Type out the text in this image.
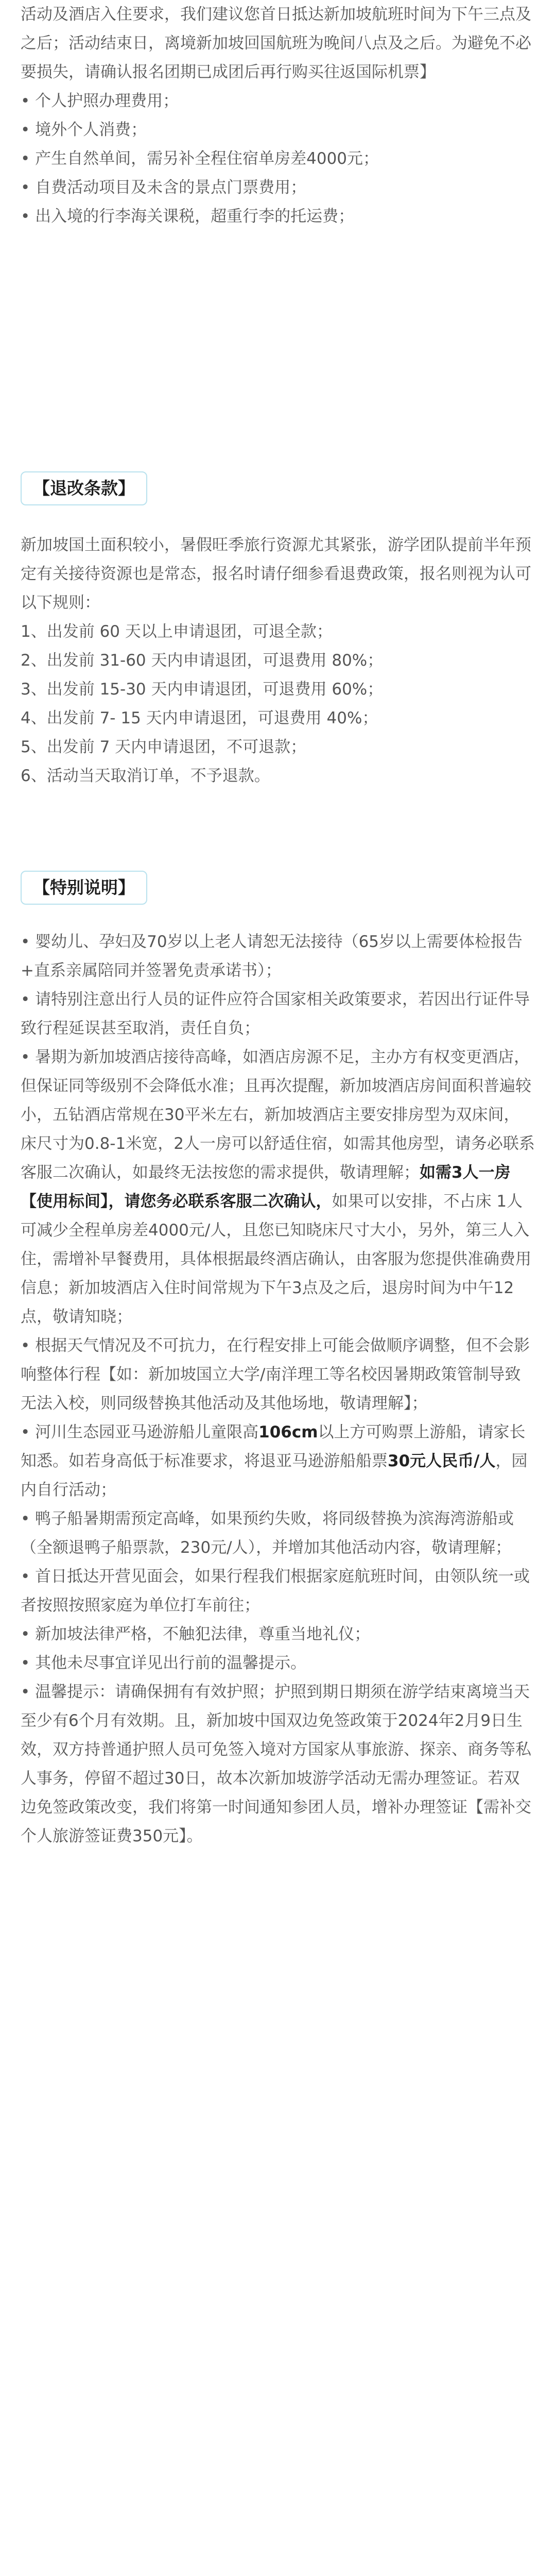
活动及酒店入住要求，我们建议您首日抵达新加坡航班时间为下午三点及之后；活动结束日，离境新加坡回国航班为晚间八点及之后。为避免不必要损失，请确认报名团期已成团后再行购买往返国际机票】

• 个人护照办理费用；

• 境外个人消费；

• 产生自然单间，需另补全程住宿单房差4000元；

• 自费活动项目及未含的景点门票费用；

• 出入境的行李海关课税，超重行李的托运费；

【退改条款】

新加坡国土面积较小，暑假旺季旅行资源尤其紧张，游学团队提前半年预定有关接待资源也是常态，报名时请仔细参看退费政策，报名则视为认可以下规则：

1、出发前 60 天以上申请退团，可退全款；

2、出发前 31-60 天内申请退团，可退费用 80%；

3、出发前 15-30 天内申请退团，可退费用 60%；

4、出发前 7- 15 天内申请退团，可退费用 40%；

5、出发前 7 天内申请退团，不可退款；

6、活动当天取消订单，不予退款。

【特别说明】

• 婴幼儿、孕妇及70岁以上老人请恕无法接待（65岁以上需要体检报告+直系亲属陪同并签署免责承诺书）；

• 请特别注意出行人员的证件应符合国家相关政策要求，若因出行证件导致行程延误甚至取消，责任自负；

• 暑期为新加坡酒店接待高峰，如酒店房源不足，主办方有权变更酒店，但保证同等级别不会降低水准；且再次提醒，新加坡酒店房间面积普遍较小，五钻酒店常规在30平米左右，新加坡酒店主要安排房型为双床间，床尺寸为0.8-1米宽，2人一房可以舒适住宿，如需其他房型，请务必联系客服二次确认，如最终无法按您的需求提供，敬请理解；如需3人一房【使用标间】，请您务必联系客服二次确认，如果可以安排，不占床 1人可减少全程单房差4000元/人，且您已知晓床尺寸大小，另外，第三人入住，需增补早餐费用，具体根据最终酒店确认，由客服为您提供准确费用信息；新加坡酒店入住时间常规为下午3点及之后，退房时间为中午12点，敬请知晓；

• 根据天气情况及不可抗力，在行程安排上可能会做顺序调整，但不会影响整体行程【如：新加坡国立大学/南洋理工等名校因暑期政策管制导致无法入校，则同级替换其他活动及其他场地，敬请理解】；

• 河川生态园亚马逊游船儿童限高106cm以上方可购票上游船，请家长知悉。如若身高低于标准要求，将退亚马逊游船船票30元人民币/人，园内自行活动；

• 鸭子船暑期需预定高峰，如果预约失败，将同级替换为滨海湾游船或（全额退鸭子船票款，230元/人），并增加其他活动内容，敬请理解；

• 首日抵达开营见面会，如果行程我们根据家庭航班时间，由领队统一或者按照按照家庭为单位打车前往；

• 新加坡法律严格，不触犯法律，尊重当地礼仪；

• 其他未尽事宜详见出行前的温馨提示。

• 温馨提示：请确保拥有有效护照；护照到期日期须在游学结束离境当天至少有6个月有效期。且，新加坡中国双边免签政策于2024年2月9日生效，双方持普通护照人员可免签入境对方国家从事旅游、探亲、商务等私人事务，停留不超过30日，故本次新加坡游学活动无需办理签证。若双边免签政策改变，我们将第一时间通知参团人员，增补办理签证【需补交个人旅游签证费350元】。
